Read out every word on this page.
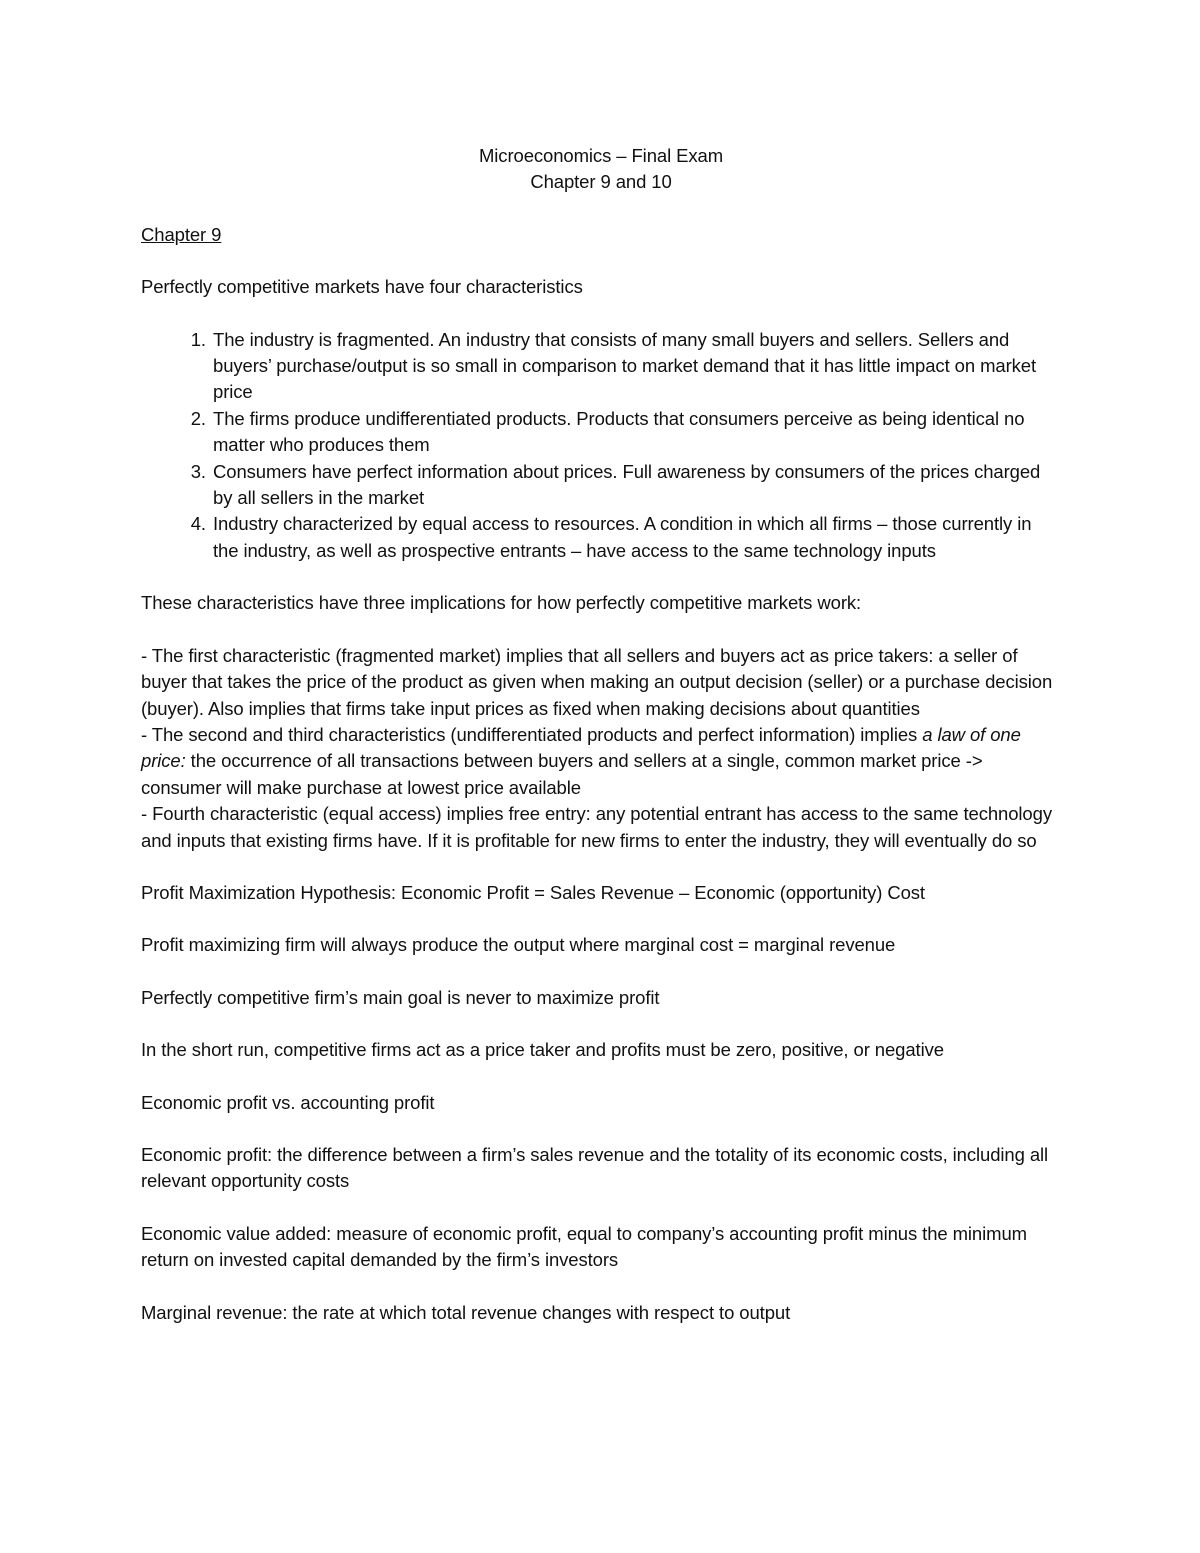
Microeconomics – Final Exam

Chapter 9 and 10

Chapter 9

Perfectly competitive markets have four characteristics

1. The industry is fragmented. An industry that consists of many small buyers and sellers. Sellers and buyers’ purchase/output is so small in comparison to market demand that it has little impact on market price
2. The firms produce undifferentiated products. Products that consumers perceive as being identical no matter who produces them
3. Consumers have perfect information about prices. Full awareness by consumers of the prices charged by all sellers in the market
4. Industry characterized by equal access to resources. A condition in which all firms – those currently in the industry, as well as prospective entrants – have access to the same technology inputs

These characteristics have three implications for how perfectly competitive markets work:

- The first characteristic (fragmented market) implies that all sellers and buyers act as price takers: a seller of buyer that takes the price of the product as given when making an output decision (seller) or a purchase decision (buyer). Also implies that firms take input prices as fixed when making decisions about quantities

- The second and third characteristics (undifferentiated products and perfect information) implies a law of one price: the occurrence of all transactions between buyers and sellers at a single, common market price -> consumer will make purchase at lowest price available

- Fourth characteristic (equal access) implies free entry: any potential entrant has access to the same technology and inputs that existing firms have. If it is profitable for new firms to enter the industry, they will eventually do so

Profit Maximization Hypothesis: Economic Profit = Sales Revenue – Economic (opportunity) Cost

Profit maximizing firm will always produce the output where marginal cost = marginal revenue

Perfectly competitive firm’s main goal is never to maximize profit

In the short run, competitive firms act as a price taker and profits must be zero, positive, or negative

Economic profit vs. accounting profit

Economic profit: the difference between a firm’s sales revenue and the totality of its economic costs, including all relevant opportunity costs

Economic value added: measure of economic profit, equal to company’s accounting profit minus the minimum return on invested capital demanded by the firm’s investors

Marginal revenue: the rate at which total revenue changes with respect to output
